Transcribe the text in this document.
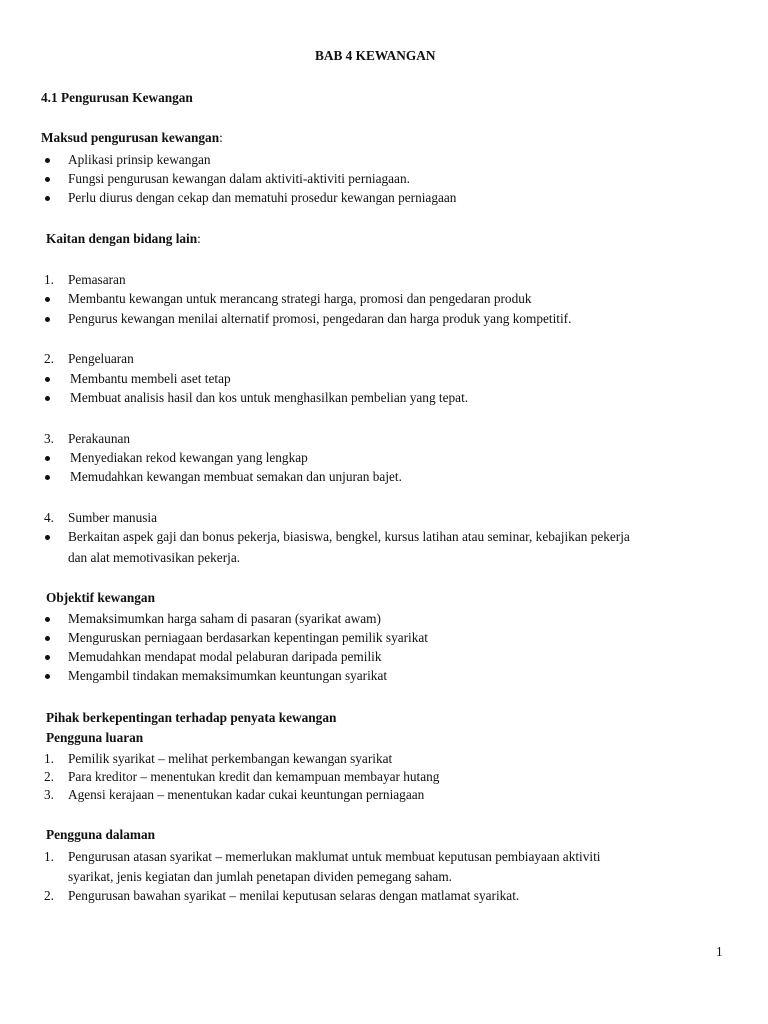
BAB 4 KEWANGAN
4.1 Pengurusan Kewangan
Maksud pengurusan kewangan:
Aplikasi prinsip kewangan
Fungsi pengurusan kewangan dalam aktiviti-aktiviti perniagaan.
Perlu diurus dengan cekap dan mematuhi prosedur kewangan perniagaan
Kaitan dengan bidang lain:
1. Pemasaran
Membantu kewangan untuk merancang strategi harga, promosi dan pengedaran produk
Pengurus kewangan menilai alternatif promosi, pengedaran dan harga produk yang kompetitif.
2. Pengeluaran
Membantu membeli aset tetap
Membuat analisis hasil dan kos untuk menghasilkan pembelian yang tepat.
3. Perakaunan
Menyediakan rekod kewangan yang lengkap
Memudahkan kewangan membuat semakan dan unjuran bajet.
4. Sumber manusia
Berkaitan aspek gaji dan bonus pekerja, biasiswa, bengkel, kursus latihan atau seminar, kebajikan pekerja
dan alat memotivasikan pekerja.
Objektif kewangan
Memaksimumkan harga saham di pasaran (syarikat awam)
Menguruskan perniagaan berdasarkan kepentingan pemilik syarikat
Memudahkan mendapat modal pelaburan daripada pemilik
Mengambil tindakan memaksimumkan keuntungan syarikat
Pihak berkepentingan terhadap penyata kewangan
Pengguna luaran
1. Pemilik syarikat – melihat perkembangan kewangan syarikat
2. Para kreditor – menentukan kredit dan kemampuan membayar hutang
3. Agensi kerajaan – menentukan kadar cukai keuntungan perniagaan
Pengguna dalaman
1. Pengurusan atasan syarikat – memerlukan maklumat untuk membuat keputusan pembiayaan aktiviti
syarikat, jenis kegiatan dan jumlah penetapan dividen pemegang saham.
2. Pengurusan bawahan syarikat – menilai keputusan selaras dengan matlamat syarikat.
1
